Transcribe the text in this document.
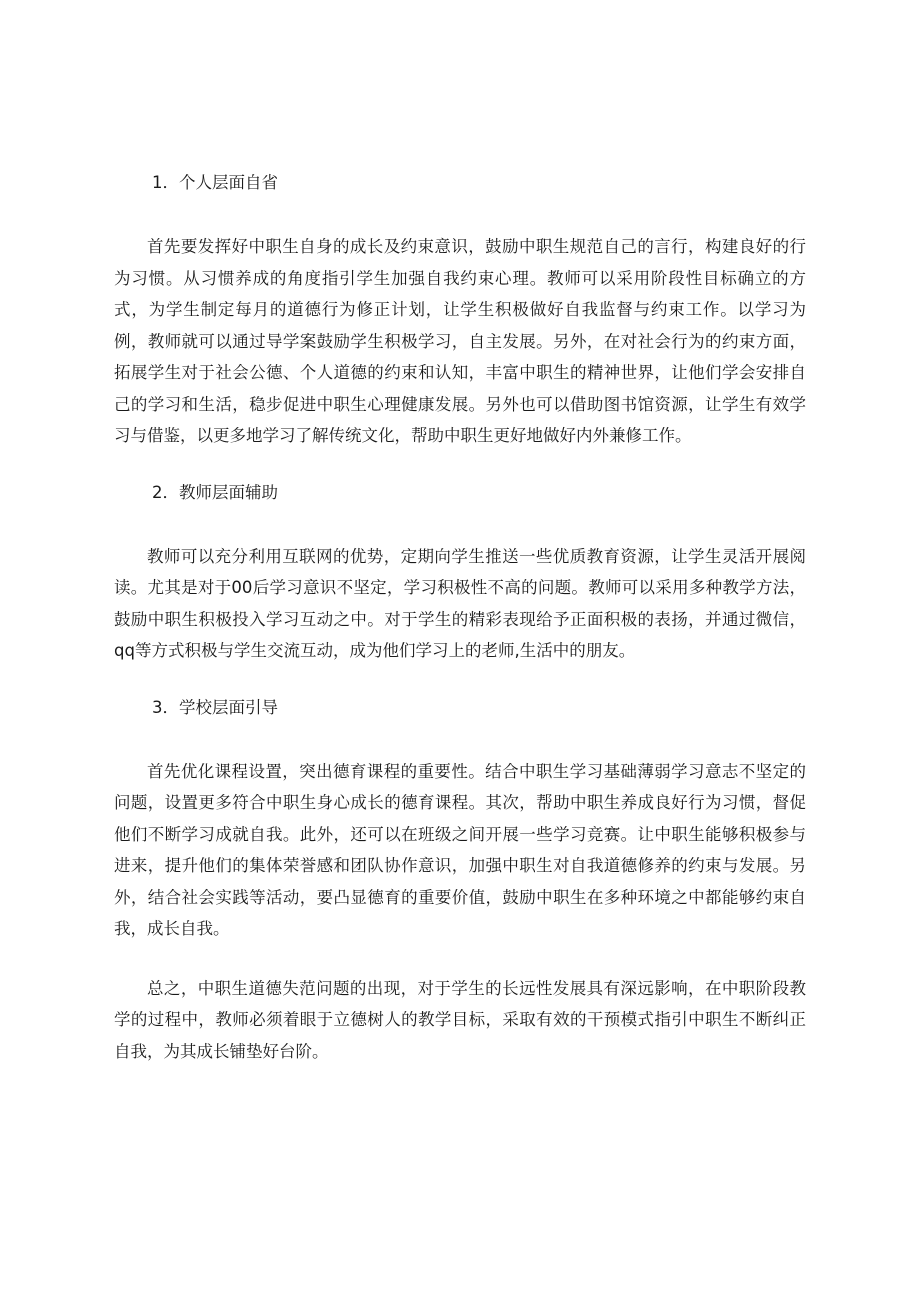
1．个人层面自省

首先要发挥好中职生自身的成长及约束意识，鼓励中职生规范自己的言行，构建良好的行为习惯。从习惯养成的角度指引学生加强自我约束心理。教师可以采用阶段性目标确立的方式，为学生制定每月的道德行为修正计划，让学生积极做好自我监督与约束工作。以学习为例，教师就可以通过导学案鼓励学生积极学习，自主发展。另外，在对社会行为的约束方面，拓展学生对于社会公德、个人道德的约束和认知，丰富中职生的精神世界，让他们学会安排自己的学习和生活，稳步促进中职生心理健康发展。另外也可以借助图书馆资源，让学生有效学习与借鉴，以更多地学习了解传统文化，帮助中职生更好地做好内外兼修工作。

2．教师层面辅助

教师可以充分利用互联网的优势，定期向学生推送一些优质教育资源，让学生灵活开展阅读。尤其是对于00后学习意识不坚定，学习积极性不高的问题。教师可以采用多种教学方法，鼓励中职生积极投入学习互动之中。对于学生的精彩表现给予正面积极的表扬，并通过微信，qq等方式积极与学生交流互动，成为他们学习上的老师,生活中的朋友。

3．学校层面引导

首先优化课程设置，突出德育课程的重要性。结合中职生学习基础薄弱学习意志不坚定的问题，设置更多符合中职生身心成长的德育课程。其次，帮助中职生养成良好行为习惯，督促他们不断学习成就自我。此外，还可以在班级之间开展一些学习竞赛。让中职生能够积极参与进来，提升他们的集体荣誉感和团队协作意识，加强中职生对自我道德修养的约束与发展。另外，结合社会实践等活动，要凸显德育的重要价值，鼓励中职生在多种环境之中都能够约束自我，成长自我。

总之，中职生道德失范问题的出现，对于学生的长远性发展具有深远影响，在中职阶段教学的过程中，教师必须着眼于立德树人的教学目标，采取有效的干预模式指引中职生不断纠正自我，为其成长铺垫好台阶。
